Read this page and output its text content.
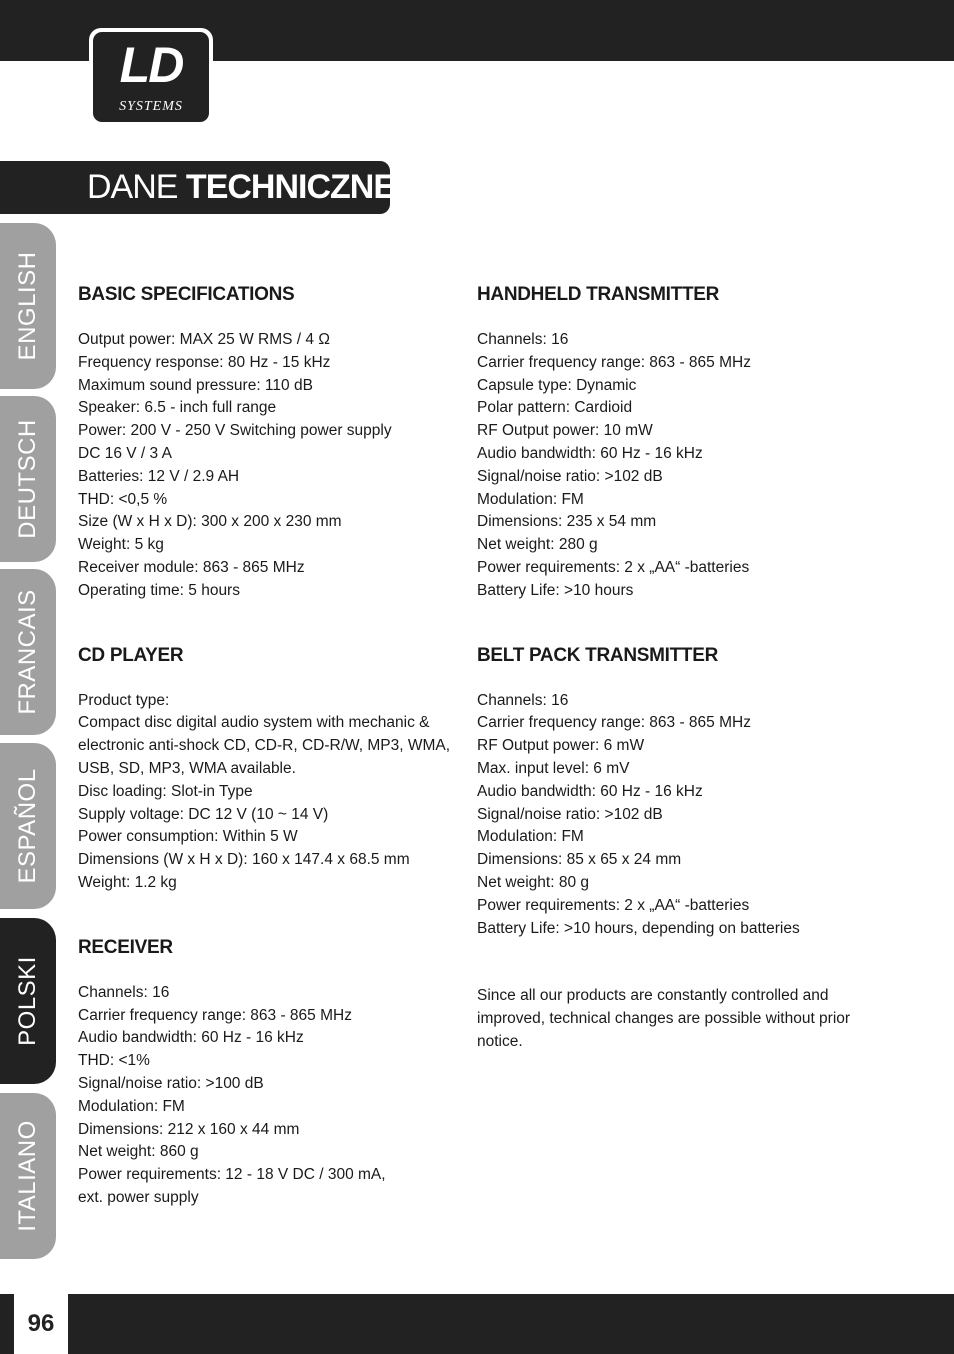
LD
SYSTEMS
DANE TECHNICZNE:
ENGLISH
DEUTSCH
FRANCAIS
ESPAÑOL
POLSKI
ITALIANO
BASIC SPECIFICATIONS
Output power: MAX 25 W RMS / 4 Ω
Frequency response: 80 Hz - 15 kHz
Maximum sound pressure: 110 dB
Speaker: 6.5 - inch full range
Power: 200 V - 250 V Switching power supply
DC 16 V / 3 A
Batteries: 12 V / 2.9 AH
THD: <0,5 %
Size (W x H x D): 300 x 200 x 230 mm
Weight: 5 kg
Receiver module: 863 - 865 MHz
Operating time: 5 hours
CD PLAYER
Product type:
Compact disc digital audio system with mechanic &
electronic anti-shock CD, CD-R, CD-R/W, MP3, WMA,
USB, SD, MP3, WMA available.
Disc loading: Slot-in Type
Supply voltage: DC 12 V (10 ~ 14 V)
Power consumption: Within 5 W
Dimensions (W x H x D): 160 x 147.4 x 68.5 mm
Weight: 1.2 kg
RECEIVER
Channels: 16
Carrier frequency range: 863 - 865 MHz
Audio bandwidth: 60 Hz - 16 kHz
THD: <1%
Signal/noise ratio: >100 dB
Modulation: FM
Dimensions: 212 x 160 x 44 mm
Net weight: 860 g
Power requirements: 12 - 18 V DC / 300 mA,
ext. power supply
HANDHELD TRANSMITTER
Channels: 16
Carrier frequency range: 863 - 865 MHz
Capsule type: Dynamic
Polar pattern: Cardioid
RF Output power: 10 mW
Audio bandwidth: 60 Hz - 16 kHz
Signal/noise ratio: >102 dB
Modulation: FM
Dimensions: 235 x 54 mm
Net weight: 280 g
Power requirements: 2 x „AA“ -batteries
Battery Life: >10 hours
BELT PACK TRANSMITTER
Channels: 16
Carrier frequency range: 863 - 865 MHz
RF Output power: 6 mW
Max. input level: 6 mV
Audio bandwidth: 60 Hz - 16 kHz
Signal/noise ratio: >102 dB
Modulation: FM
Dimensions: 85 x 65 x 24 mm
Net weight: 80 g
Power requirements: 2 x „AA“ -batteries
Battery Life: >10 hours, depending on batteries
Since all our products are constantly controlled and
improved, technical changes are possible without prior
notice.
96
